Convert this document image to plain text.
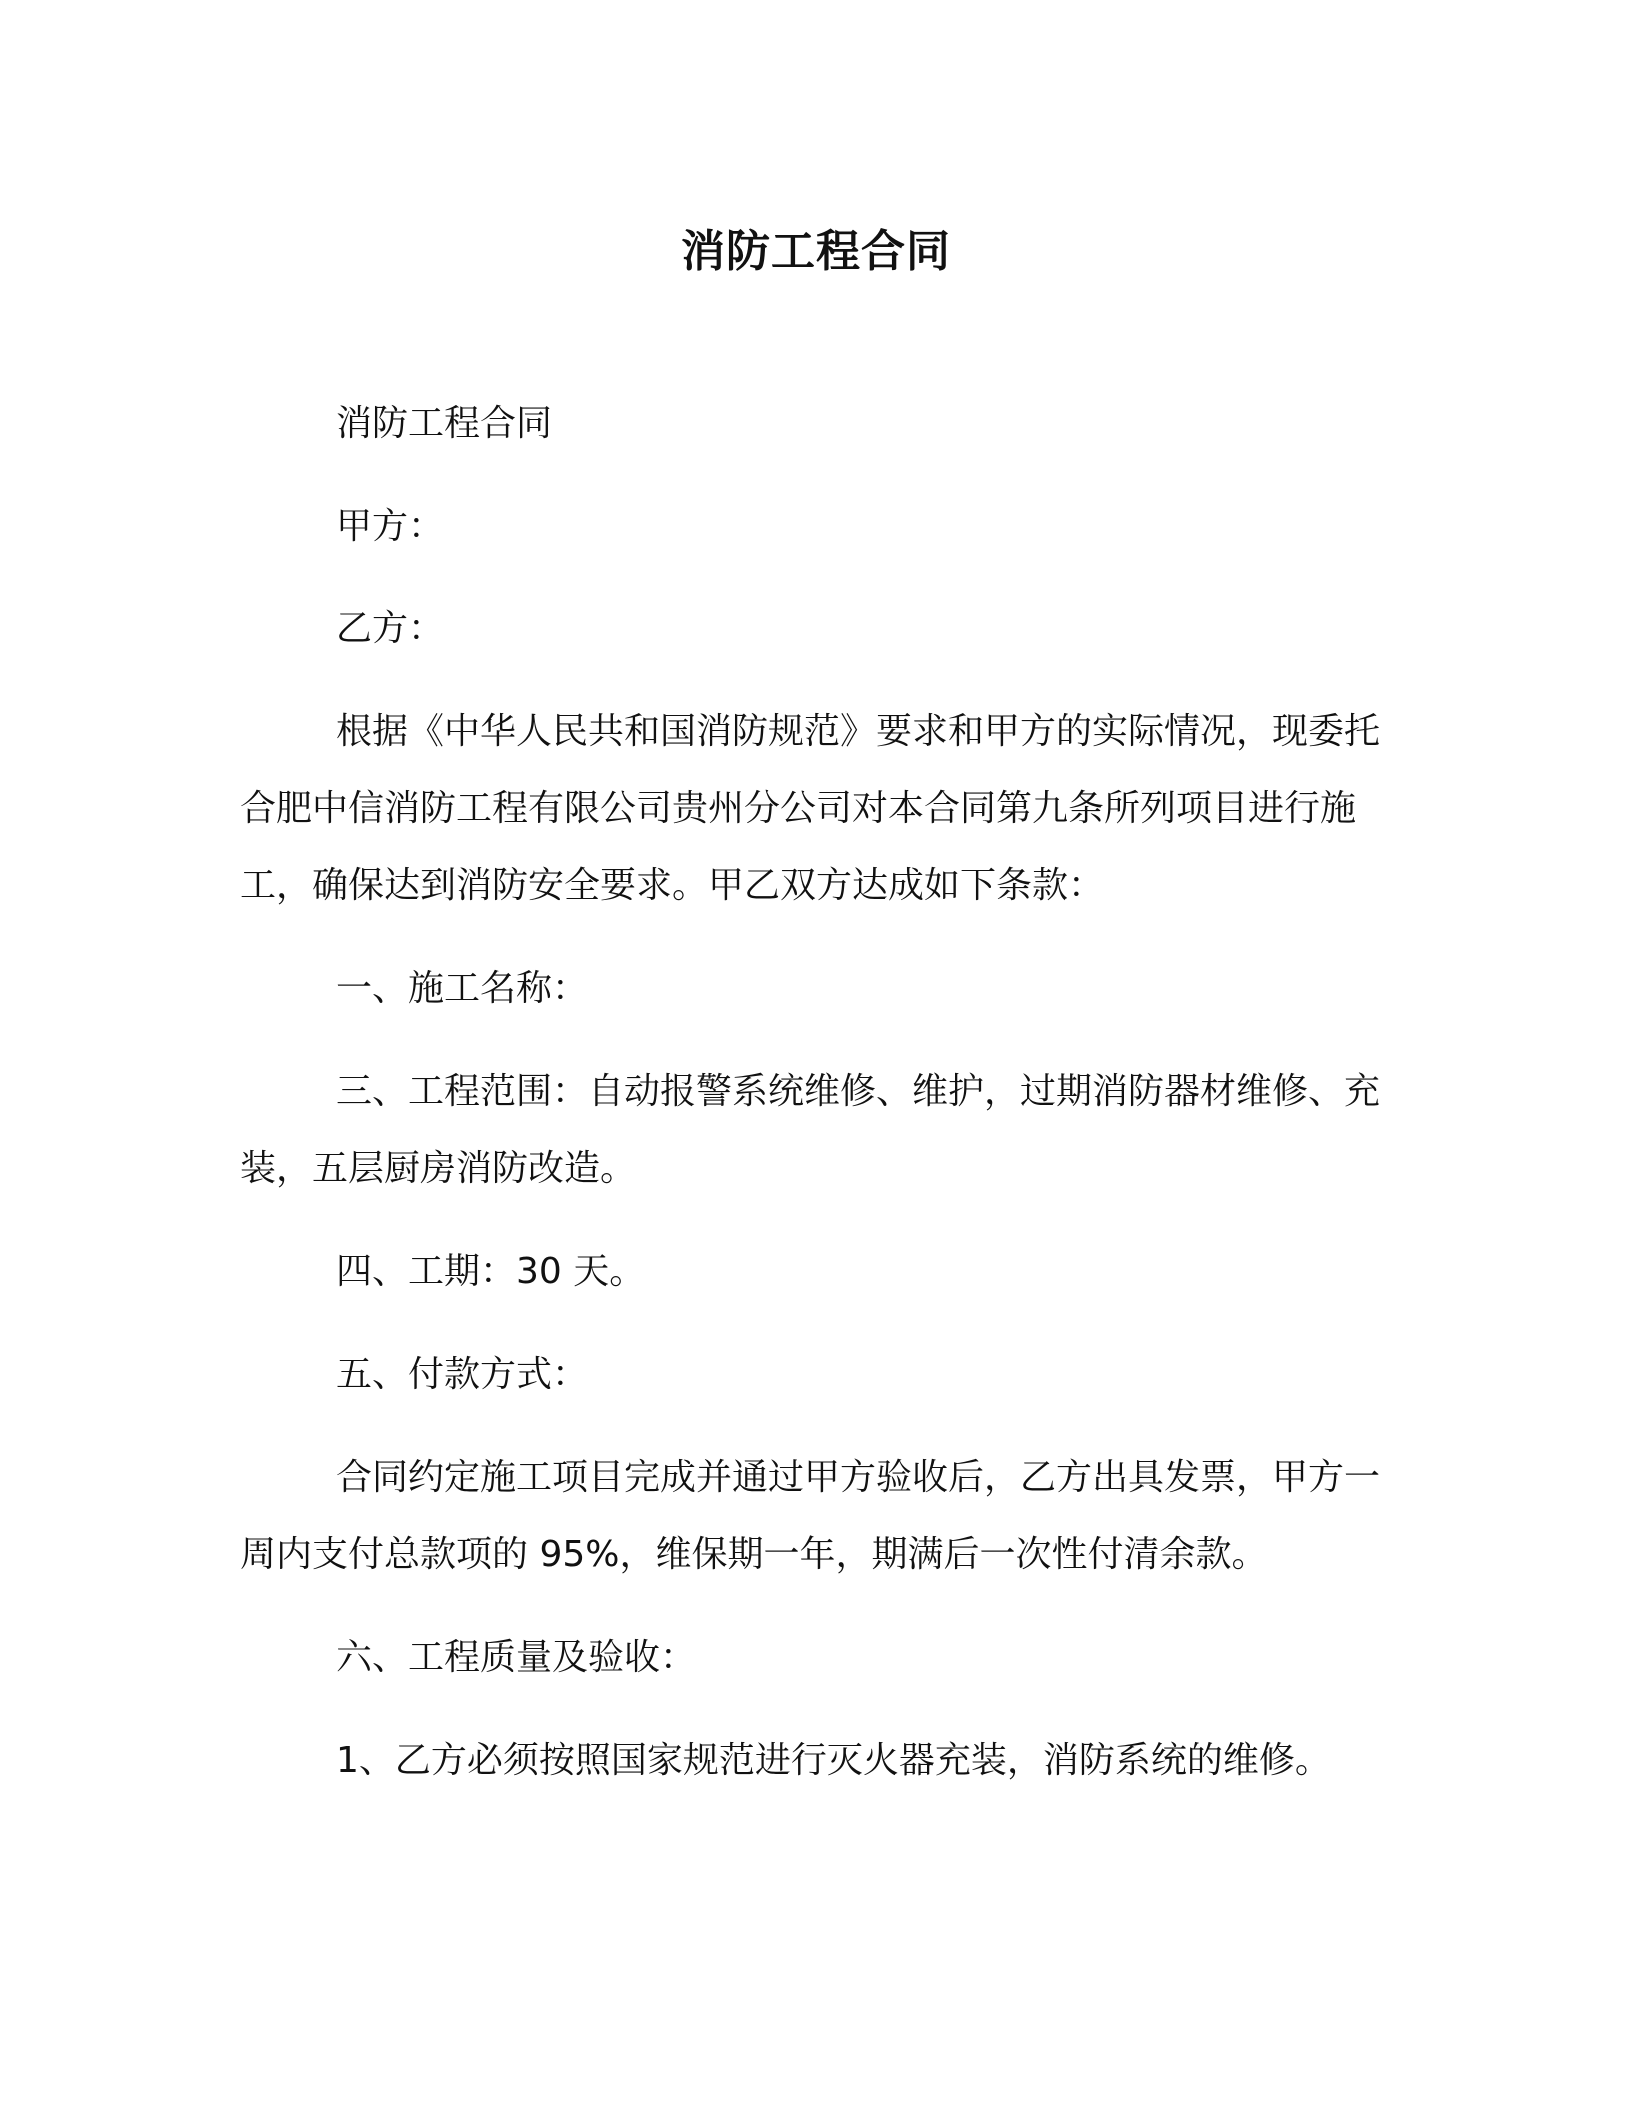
消防工程合同

消防工程合同

甲方：

乙方：

根据《中华人民共和国消防规范》要求和甲方的实际情况，现委托合肥中信消防工程有限公司贵州分公司对本合同第九条所列项目进行施工，确保达到消防安全要求。甲乙双方达成如下条款：

一、施工名称：

三、工程范围：自动报警系统维修、维护，过期消防器材维修、充装，五层厨房消防改造。

四、工期：30 天。

五、付款方式：

合同约定施工项目完成并通过甲方验收后，乙方出具发票，甲方一周内支付总款项的 95%，维保期一年，期满后一次性付清余款。

六、工程质量及验收：

1、乙方必须按照国家规范进行灭火器充装，消防系统的维修。
